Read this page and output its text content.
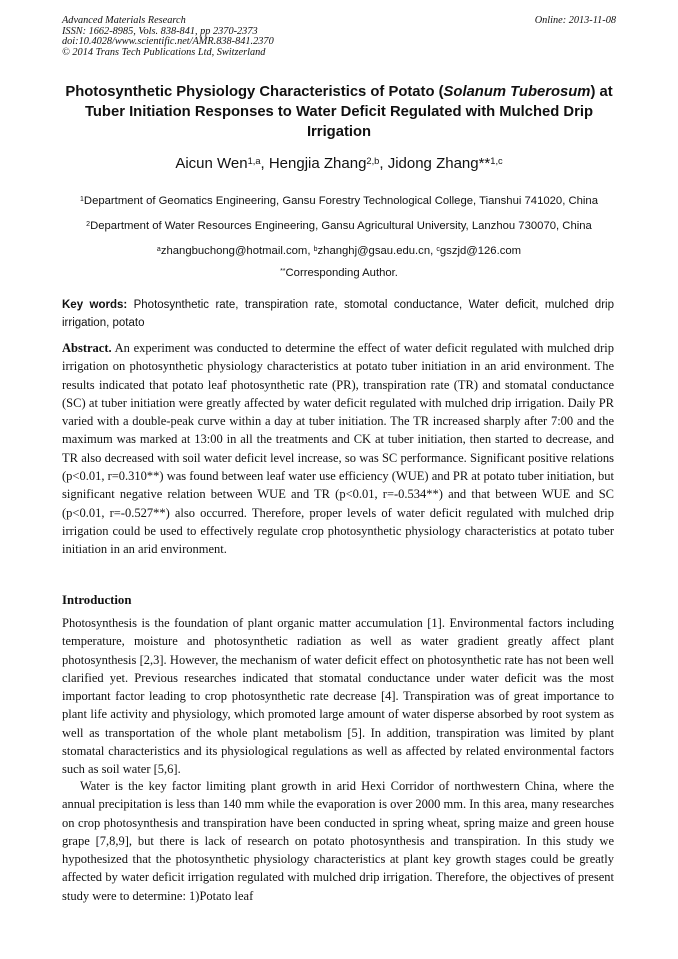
Advanced Materials Research
ISSN: 1662-8985, Vols. 838-841, pp 2370-2373
doi:10.4028/www.scientific.net/AMR.838-841.2370
© 2014 Trans Tech Publications Ltd, Switzerland
Online: 2013-11-08
Photosynthetic Physiology Characteristics of Potato (Solanum Tuberosum) at Tuber Initiation Responses to Water Deficit Regulated with Mulched Drip Irrigation
Aicun Wen$^{1,a}$, Hengjia Zhang$^{2,b}$, Jidong Zhang**$^{1,c}$
$^1$Department of Geomatics Engineering, Gansu Forestry Technological College, Tianshui 741020, China
$^2$Department of Water Resources Engineering, Gansu Agricultural University, Lanzhou 730070, China
$^a$zhangbuchong@hotmail.com, $^b$zhanghj@gsau.edu.cn, $^c$gszjd@126.com
**Corresponding Author.
Key words: Photosynthetic rate, transpiration rate, stomotal conductance, Water deficit, mulched drip irrigation, potato
Abstract. An experiment was conducted to determine the effect of water deficit regulated with mulched drip irrigation on photosynthetic physiology characteristics at potato tuber initiation in an arid environment. The results indicated that potato leaf photosynthetic rate (PR), transpiration rate (TR) and stomatal conductance (SC) at tuber initiation were greatly affected by water deficit regulated with mulched drip irrigation. Daily PR varied with a double-peak curve within a day at tuber initiation. The TR increased sharply after 7:00 and the maximum was marked at 13:00 in all the treatments and CK at tuber initiation, then started to decrease, and TR also decreased with soil water deficit level increase, so was SC performance. Significant positive relations (p<0.01, r=0.310**) was found between leaf water use efficiency (WUE) and PR at potato tuber initiation, but significant negative relation between WUE and TR (p<0.01, r=-0.534**) and that between WUE and SC (p<0.01, r=-0.527**) also occurred. Therefore, proper levels of water deficit regulated with mulched drip irrigation could be used to effectively regulate crop photosynthetic physiology characteristics at potato tuber initiation in an arid environment.
Introduction
Photosynthesis is the foundation of plant organic matter accumulation [1]. Environmental factors including temperature, moisture and photosynthetic radiation as well as water gradient greatly affect plant photosynthesis [2,3]. However, the mechanism of water deficit effect on photosynthetic rate has not been well clarified yet. Previous researches indicated that stomatal conductance under water deficit was the most important factor leading to crop photosynthetic rate decrease [4]. Transpiration was of great importance to plant life activity and physiology, which promoted large amount of water disperse absorbed by root system as well as transportation of the whole plant metabolism [5]. In addition, transpiration was limited by plant stomatal characteristics and its physiological regulations as well as affected by related environmental factors such as soil water [5,6].
Water is the key factor limiting plant growth in arid Hexi Corridor of northwestern China, where the annual precipitation is less than 140 mm while the evaporation is over 2000 mm. In this area, many researches on crop photosynthesis and transpiration have been conducted in spring wheat, spring maize and green house grape [7,8,9], but there is lack of research on potato photosynthesis and transpiration. In this study we hypothesized that the photosynthetic physiology characteristics at plant key growth stages could be greatly affected by water deficit irrigation regulated with mulched drip irrigation. Therefore, the objectives of present study were to determine: 1)Potato leaf
